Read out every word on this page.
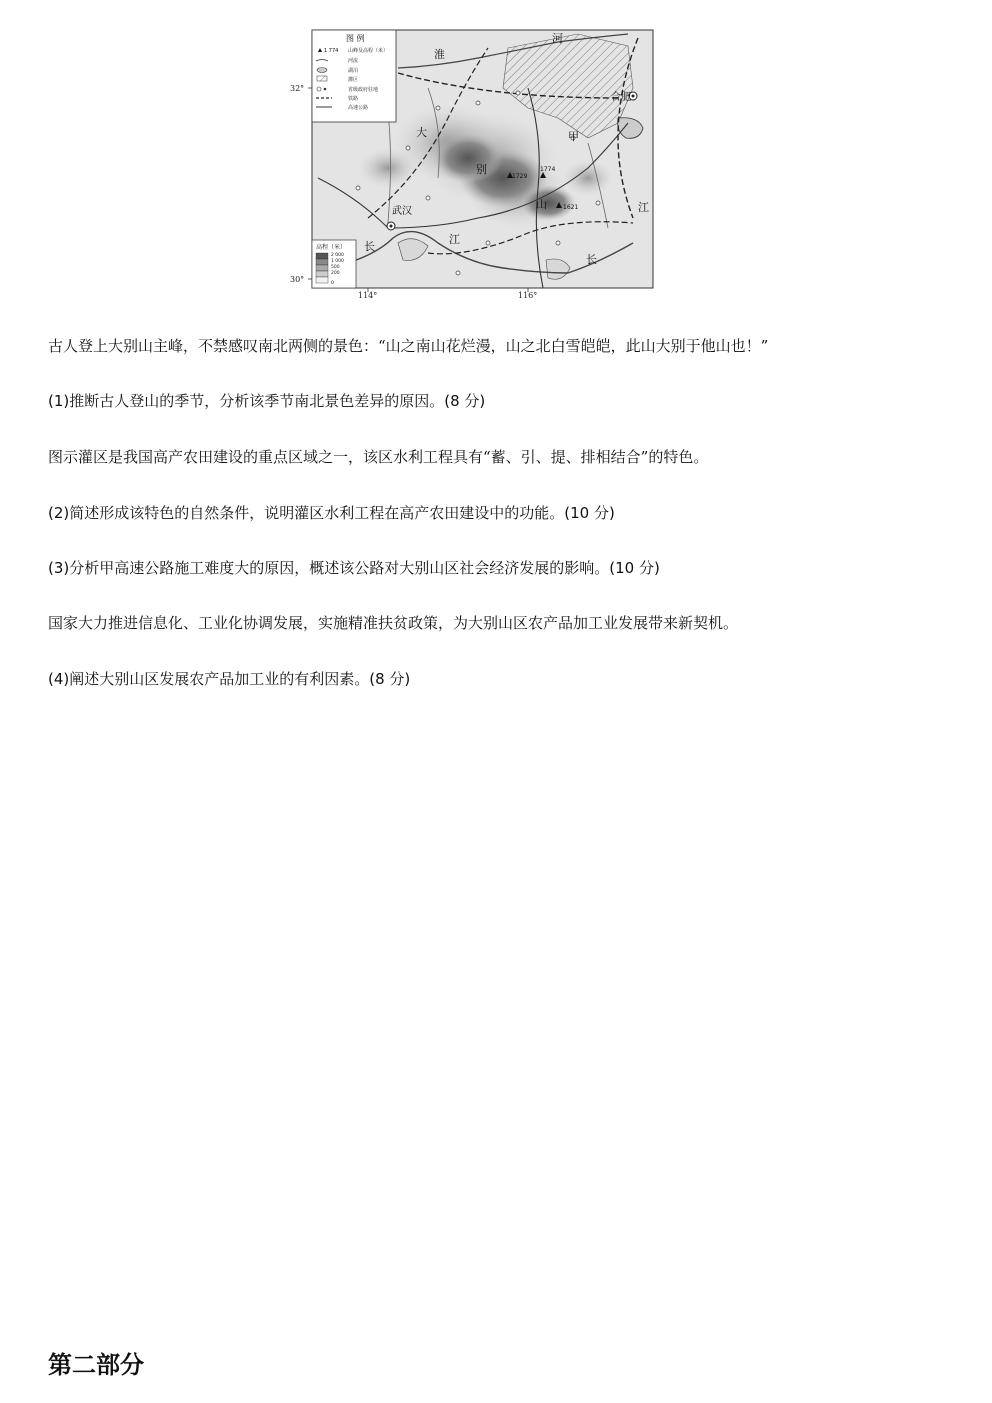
淮
河
合肥
大	甲
别
山
武汉
长
江
长
江
1729
1774
1621
32°
30°
114°	116°
图 例
1 774 山峰及高程（米）
河流
湖泊
灌区
省级政府驻地
铁路
高速公路
高程（米）
2 000
1 000
500
200
0
古人登上大别山主峰，不禁感叹南北两侧的景色：“山之南山花烂漫，山之北白雪皑皑，此山大别于他山也！”
(1)推断古人登山的季节，分析该季节南北景色差异的原因。(8 分)
图示灌区是我国高产农田建设的重点区域之一，该区水利工程具有“蓄、引、提、排相结合”的特色。
(2)简述形成该特色的自然条件，说明灌区水利工程在高产农田建设中的功能。(10 分)
(3)分析甲高速公路施工难度大的原因，概述该公路对大别山区社会经济发展的影响。(10 分)
国家大力推进信息化、工业化协调发展，实施精准扶贫政策，为大别山区农产品加工业发展带来新契机。
(4)阐述大别山区发展农产品加工业的有利因素。(8 分)
第二部分
